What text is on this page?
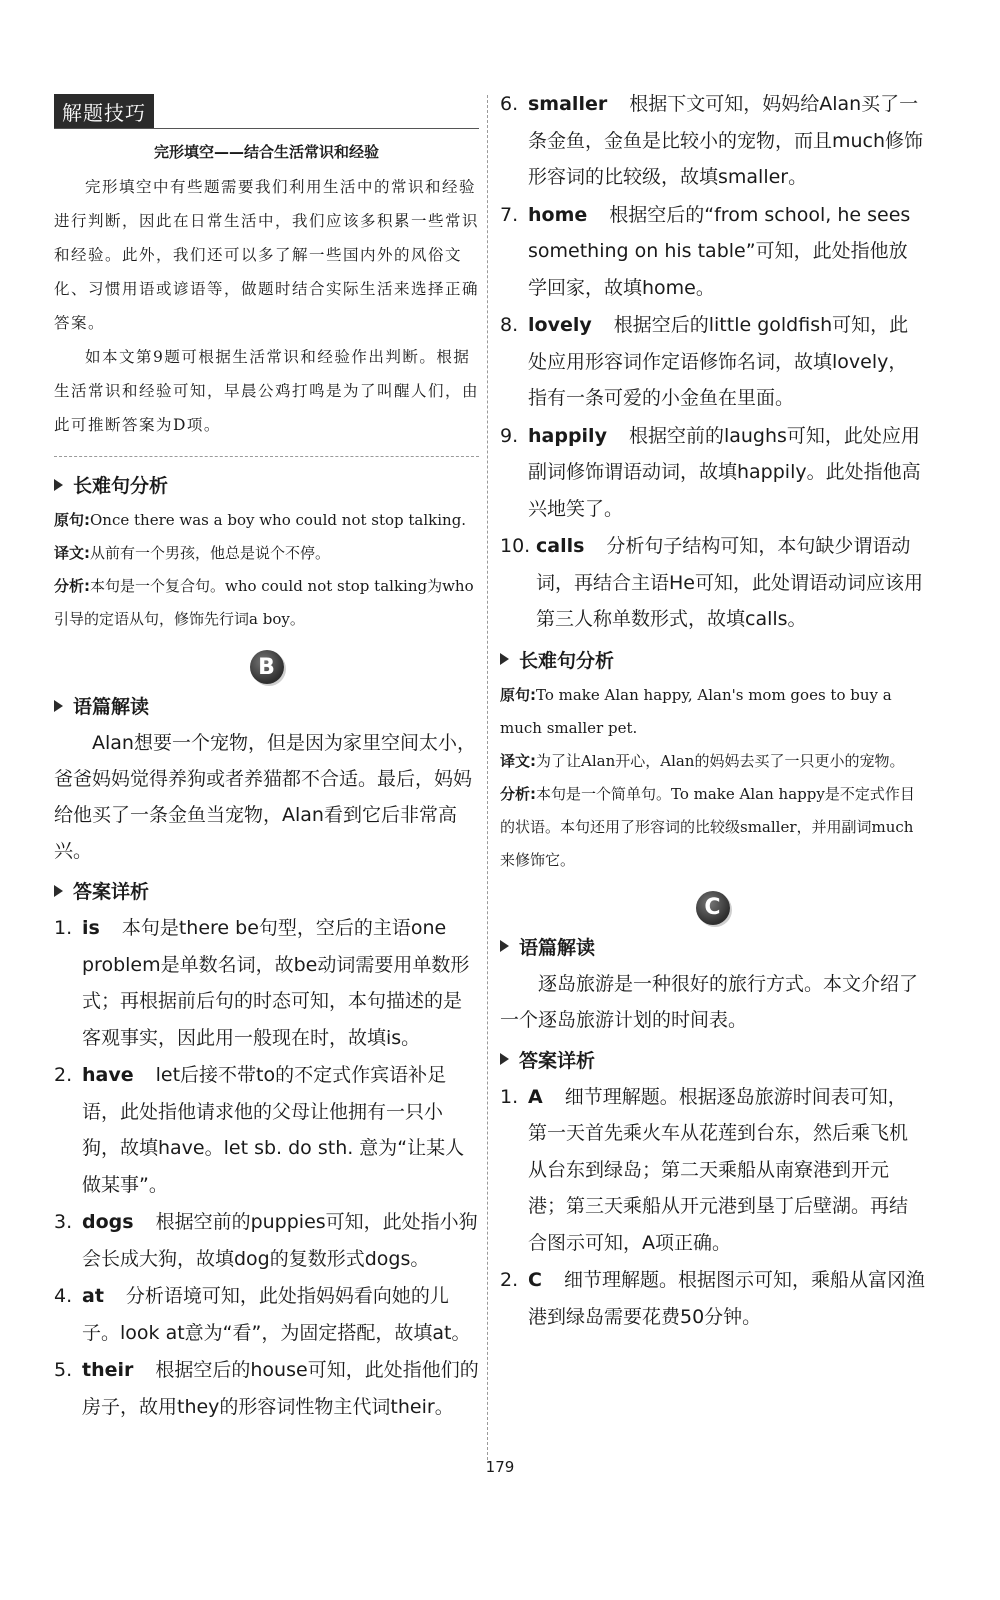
解题技巧
完形填空——结合生活常识和经验

完形填空中有些题需要我们利用生活中的常识和经验进行判断，因此在日常生活中，我们应该多积累一些常识和经验。此外，我们还可以多了解一些国内外的风俗文化、习惯用语或谚语等，做题时结合实际生活来选择正确答案。

如本文第9题可根据生活常识和经验作出判断。根据生活常识和经验可知，早晨公鸡打鸣是为了叫醒人们，由此可推断答案为D项。

长难句分析

原句:Once there was a boy who could not stop talking.

译文:从前有一个男孩，他总是说个不停。

分析:本句是一个复合句。who could not stop talking为who引导的定语从句，修饰先行词a boy。

B
语篇解读

Alan想要一个宠物，但是因为家里空间太小，爸爸妈妈觉得养狗或者养猫都不合适。最后，妈妈给他买了一条金鱼当宠物，Alan看到它后非常高兴。

答案详析
1. is 本句是there be句型，空后的主语one problem是单数名词，故be动词需要用单数形式；再根据前后句的时态可知，本句描述的是客观事实，因此用一般现在时，故填is。
2. have let后接不带to的不定式作宾语补足语，此处指他请求他的父母让他拥有一只小狗，故填have。let sb. do sth. 意为“让某人做某事”。
3. dogs 根据空前的puppies可知，此处指小狗会长成大狗，故填dog的复数形式dogs。
4. at 分析语境可知，此处指妈妈看向她的儿子。look at意为“看”，为固定搭配，故填at。
5. their 根据空后的house可知，此处指他们的房子，故用they的形容词性物主代词their。
6. smaller 根据下文可知，妈妈给Alan买了一条金鱼，金鱼是比较小的宠物，而且much修饰形容词的比较级，故填smaller。
7. home 根据空后的“from school, he sees something on his table”可知，此处指他放学回家，故填home。
8. lovely 根据空后的little goldfish可知，此处应用形容词作定语修饰名词，故填lovely，指有一条可爱的小金鱼在里面。
9. happily 根据空前的laughs可知，此处应用副词修饰谓语动词，故填happily。此处指他高兴地笑了。
10. calls 分析句子结构可知，本句缺少谓语动词，再结合主语He可知，此处谓语动词应该用第三人称单数形式，故填calls。
长难句分析

原句:To make Alan happy, Alan's mom goes to buy a much smaller pet.

译文:为了让Alan开心，Alan的妈妈去买了一只更小的宠物。

分析:本句是一个简单句。To make Alan happy是不定式作目的状语。本句还用了形容词的比较级smaller，并用副词much来修饰它。

C
语篇解读

逐岛旅游是一种很好的旅行方式。本文介绍了一个逐岛旅游计划的时间表。

答案详析
1. A 细节理解题。根据逐岛旅游时间表可知，第一天首先乘火车从花莲到台东，然后乘飞机从台东到绿岛；第二天乘船从南寮港到开元港；第三天乘船从开元港到垦丁后壁湖。再结合图示可知，A项正确。
2. C 细节理解题。根据图示可知，乘船从富冈渔港到绿岛需要花费50分钟。
179
